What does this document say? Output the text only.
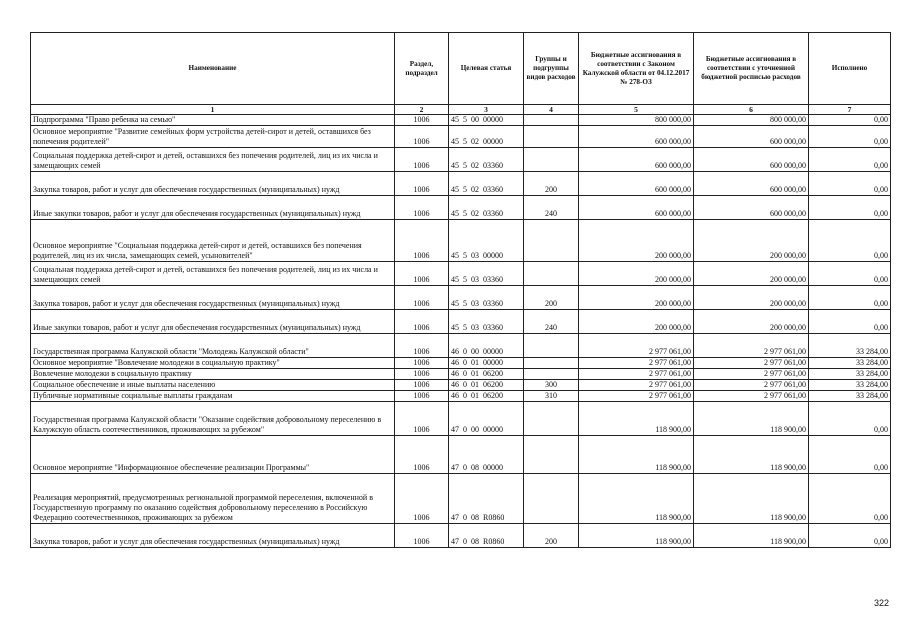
Наименование	Раздел, подраздел	Целевая статья	Группы и подгруппы видов расходов	Бюджетные ассигнования в соответствии с Законом Калужской области от 04.12.2017 № 278-ОЗ	Бюджетные ассигнования в соответствии с уточненной бюджетной росписью расходов	Исполнено
1	2	3	4	5	6	7
Подпрограмма "Право ребенка на семью"	1006	45  5  00  00000		800 000,00	800 000,00	0,00
Основное мероприятие "Развитие семейных форм устройства детей-сирот и детей, оставшихся без попечения родителей"	1006	45  5  02  00000		600 000,00	600 000,00	0,00
Социальная поддержка детей-сирот и детей, оставшихся без попечения родителей, лиц из их числа и замещающих семей	1006	45  5  02  03360		600 000,00	600 000,00	0,00
Закупка товаров, работ и услуг для обеспечения государственных (муниципальных) нужд	1006	45  5  02  03360	200	600 000,00	600 000,00	0,00
Иные закупки товаров, работ и услуг для обеспечения государственных (муниципальных) нужд	1006	45  5  02  03360	240	600 000,00	600 000,00	0,00
Основное мероприятие "Социальная поддержка детей-сирот и детей, оставшихся без попечения родителей, лиц из их числа, замещающих семей, усыновителей"	1006	45  5  03  00000		200 000,00	200 000,00	0,00
Социальная поддержка детей-сирот и детей, оставшихся без попечения родителей, лиц из их числа и замещающих семей	1006	45  5  03  03360		200 000,00	200 000,00	0,00
Закупка товаров, работ и услуг для обеспечения государственных (муниципальных) нужд	1006	45  5  03  03360	200	200 000,00	200 000,00	0,00
Иные закупки товаров, работ и услуг для обеспечения государственных (муниципальных) нужд	1006	45  5  03  03360	240	200 000,00	200 000,00	0,00
Государственная программа Калужской области "Молодежь Калужской области"	1006	46  0  00  00000		2 977 061,00	2 977 061,00	33 284,00
Основное мероприятие "Вовлечение молодежи в социальную практику"	1006	46  0  01  00000		2 977 061,00	2 977 061,00	33 284,00
Вовлечение молодежи в социальную практику	1006	46  0  01  06200		2 977 061,00	2 977 061,00	33 284,00
Социальное обеспечение и иные выплаты населению	1006	46  0  01  06200	300	2 977 061,00	2 977 061,00	33 284,00
Публичные нормативные социальные выплаты гражданам	1006	46  0  01  06200	310	2 977 061,00	2 977 061,00	33 284,00
Государственная программа Калужской области "Оказание содействия добровольному переселению в Калужскую область соотечественников, проживающих за рубежом"	1006	47  0  00  00000		118 900,00	118 900,00	0,00
Основное мероприятие "Информационное обеспечение реализации Программы"	1006	47  0  08  00000		118 900,00	118 900,00	0,00
Реализация мероприятий, предусмотренных региональной программой переселения, включенной в Государственную программу по оказанию содействия добровольному переселению в Российскую Федерацию соотечественников, проживающих за рубежом	1006	47  0  08  R0860		118 900,00	118 900,00	0,00
Закупка товаров, работ и услуг для обеспечения государственных (муниципальных) нужд	1006	47  0  08  R0860	200	118 900,00	118 900,00	0,00
322
